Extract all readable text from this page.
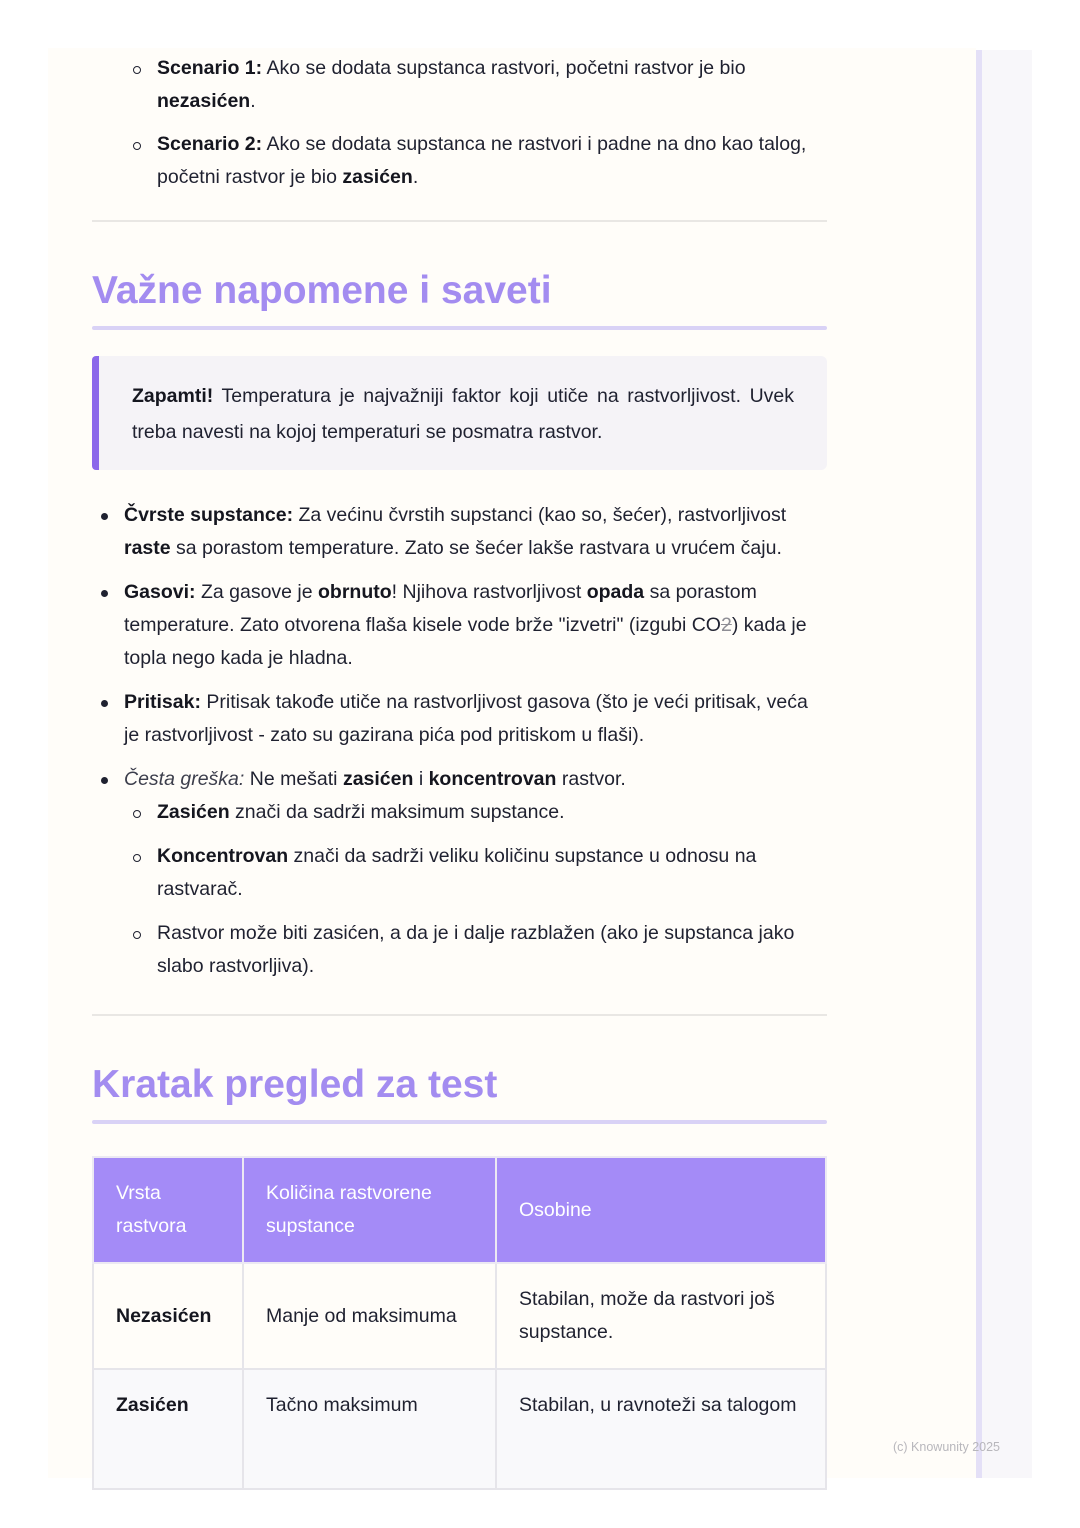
Scenario 1: Ako se dodata supstanca rastvori, početni rastvor je bio nezasićen.
Scenario 2: Ako se dodata supstanca ne rastvori i padne na dno kao talog, početni rastvor je bio zasićen.
Važne napomene i saveti
Zapamti! Temperatura je najvažniji faktor koji utiče na rastvorljivost. Uvek treba navesti na kojoj temperaturi se posmatra rastvor.
Čvrste supstance: Za većinu čvrstih supstanci (kao so, šećer), rastvorljivost raste sa porastom temperature. Zato se šećer lakše rastvara u vrućem čaju.
Gasovi: Za gasove je obrnuto! Njihova rastvorljivost opada sa porastom temperature. Zato otvorena flaša kisele vode brže "izvetri" (izgubi CO2) kada je topla nego kada je hladna.
Pritisak: Pritisak takođe utiče na rastvorljivost gasova (što je veći pritisak, veća je rastvorljivost - zato su gazirana pića pod pritiskom u flaši).
Česta greška: Ne mešati zasićen i koncentrovan rastvor.
Zasićen znači da sadrži maksimum supstance.
Koncentrovan znači da sadrži veliku količinu supstance u odnosu na rastvarač.
Rastvor može biti zasićen, a da je i dalje razblažen (ako je supstanca jako slabo rastvorljiva).
Kratak pregled za test
Vrsta rastvora	Količina rastvorene supstance	Osobine
Nezasićen	Manje od maksimuma	Stabilan, može da rastvori još supstance.
Zasićen	Tačno maksimum	Stabilan, u ravnoteži sa talogom
(c) Knowunity 2025
